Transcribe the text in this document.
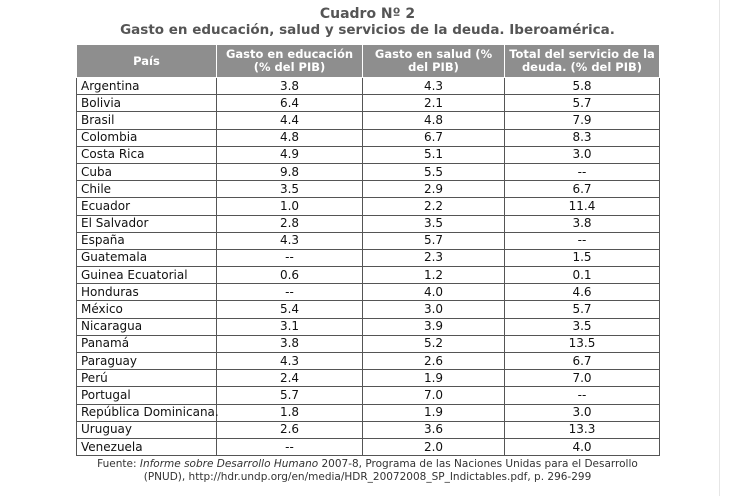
Cuadro Nº 2
Gasto en educación, salud y servicios de la deuda. Iberoamérica.
País	Gasto en educación (% del PIB)	Gasto en salud (% del PIB)	Total del servicio de la deuda. (% del PIB)
Argentina	3.8	4.3	5.8
Bolivia	6.4	2.1	5.7
Brasil	4.4	4.8	7.9
Colombia	4.8	6.7	8.3
Costa Rica	4.9	5.1	3.0
Cuba	9.8	5.5	--
Chile	3.5	2.9	6.7
Ecuador	1.0	2.2	11.4
El Salvador	2.8	3.5	3.8
España	4.3	5.7	--
Guatemala	--	2.3	1.5
Guinea Ecuatorial	0.6	1.2	0.1
Honduras	--	4.0	4.6
México	5.4	3.0	5.7
Nicaragua	3.1	3.9	3.5
Panamá	3.8	5.2	13.5
Paraguay	4.3	2.6	6.7
Perú	2.4	1.9	7.0
Portugal	5.7	7.0	--
República Dominicana.	1.8	1.9	3.0
Uruguay	2.6	3.6	13.3
Venezuela	--	2.0	4.0
Fuente: Informe sobre Desarrollo Humano 2007-8, Programa de las Naciones Unidas para el Desarrollo (PNUD), http://hdr.undp.org/en/media/HDR_20072008_SP_Indictables.pdf, p. 296-299
